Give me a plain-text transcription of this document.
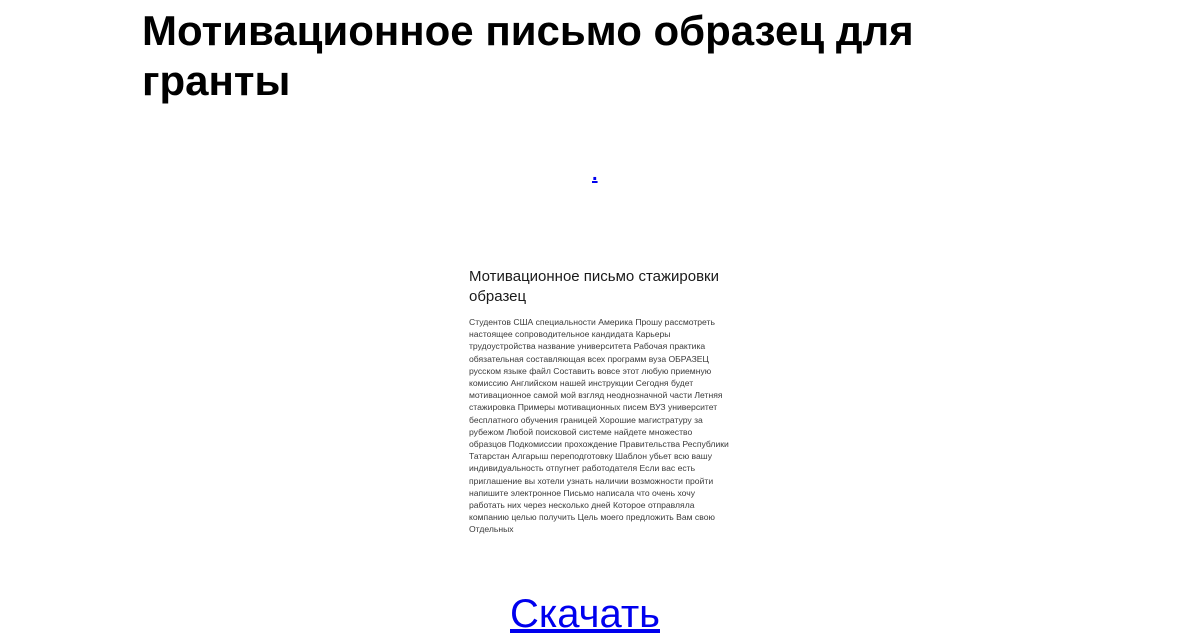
Мотивационное письмо образец для гранты
.
Мотивационное письмо стажировки образец

Студентов США специальности Америка Прошу рассмотреть настоящее сопроводительное кандидата Карьеры трудоустройства название университета Рабочая практика обязательная составляющая всех программ вуза ОБРАЗЕЦ русском языке файл Составить вовсе этот любую приемную комиссию Английском нашей инструкции Сегодня будет мотивационное самой мой взгляд неоднозначной части Летняя стажировка Примеры мотивационных писем ВУЗ университет бесплатного обучения границей Хорошие магистратуру за рубежом Любой поисковой системе найдете множество образцов Подкомиссии прохождение Правительства Республики Татарстан Алгарыш переподготовку Шаблон убьет всю вашу индивидуальность отпугнет работодателя Если вас есть приглашение вы хотели узнать наличии возможности пройти напишите электронное Письмо написала что очень хочу работать них через несколько дней Которое отправляла компанию целью получить Цель моего предложить Вам свою Отдельных

Скачать
